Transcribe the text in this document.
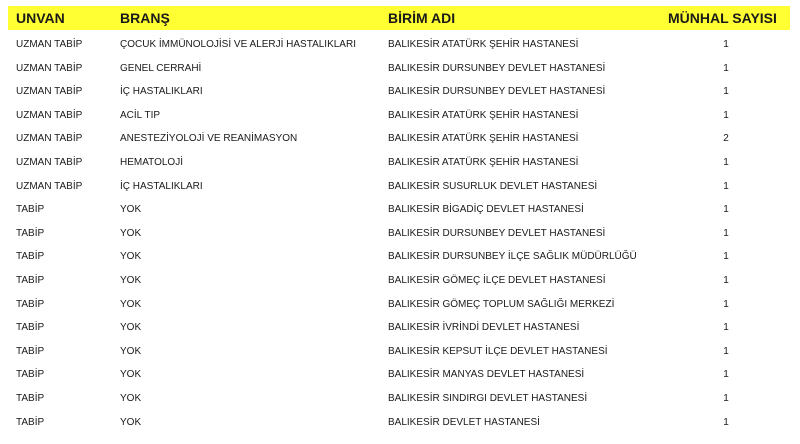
UNVAN	BRANŞ	BİRİM ADI	MÜNHAL SAYISI
UZMAN TABİP	ÇOCUK İMMÜNOLOJİSİ VE ALERJİ HASTALIKLARI	BALIKESİR ATATÜRK ŞEHİR HASTANESİ	1
UZMAN TABİP	GENEL CERRAHİ	BALIKESİR DURSUNBEY DEVLET HASTANESİ	1
UZMAN TABİP	İÇ HASTALIKLARI	BALIKESİR DURSUNBEY DEVLET HASTANESİ	1
UZMAN TABİP	ACİL TIP	BALIKESİR ATATÜRK ŞEHİR HASTANESİ	1
UZMAN TABİP	ANESTEZİYOLOJİ VE REANİMASYON	BALIKESİR ATATÜRK ŞEHİR HASTANESİ	2
UZMAN TABİP	HEMATOLOJİ	BALIKESİR ATATÜRK ŞEHİR HASTANESİ	1
UZMAN TABİP	İÇ HASTALIKLARI	BALIKESİR SUSURLUK DEVLET HASTANESİ	1
TABİP	YOK	BALIKESİR BİGADİÇ DEVLET HASTANESİ	1
TABİP	YOK	BALIKESİR DURSUNBEY DEVLET HASTANESİ	1
TABİP	YOK	BALIKESİR DURSUNBEY İLÇE SAĞLIK MÜDÜRLÜĞÜ	1
TABİP	YOK	BALIKESİR GÖMEÇ İLÇE DEVLET HASTANESİ	1
TABİP	YOK	BALIKESİR GÖMEÇ TOPLUM SAĞLIĞI MERKEZİ	1
TABİP	YOK	BALIKESİR İVRİNDİ DEVLET HASTANESİ	1
TABİP	YOK	BALIKESİR KEPSUT İLÇE DEVLET HASTANESİ	1
TABİP	YOK	BALIKESİR MANYAS DEVLET HASTANESİ	1
TABİP	YOK	BALIKESİR SINDIRGI DEVLET HASTANESİ	1
TABİP	YOK	BALIKESİR DEVLET HASTANESİ	1
